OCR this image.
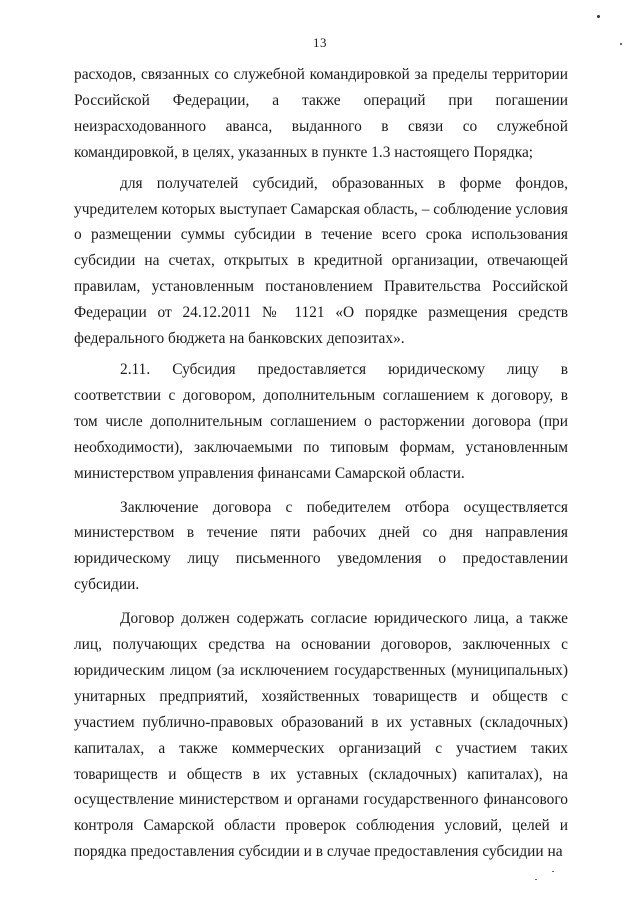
13

расходов, связанных со служебной командировкой за пределы территории Российской Федерации, а также операций при погашении неизрасходованного аванса, выданного в связи со служебной командировкой, в целях, указанных в пункте 1.3 настоящего Порядка;

для получателей субсидий, образованных в форме фондов, учредителем которых выступает Самарская область, – соблюдение условия о размещении суммы субсидии в течение всего срока использования субсидии на счетах, открытых в кредитной организации, отвечающей правилам, установленным постановлением Правительства Российской Федерации от 24.12.2011 № 1121 «О порядке размещения средств федерального бюджета на банковских депозитах».

2.11. Субсидия предоставляется юридическому лицу в соответствии с договором, дополнительным соглашением к договору, в том числе дополнительным соглашением о расторжении договора (при необходимости), заключаемыми по типовым формам, установленным министерством управления финансами Самарской области.

Заключение договора с победителем отбора осуществляется министерством в течение пяти рабочих дней со дня направления юридическому лицу письменного уведомления о предоставлении субсидии.

Договор должен содержать согласие юридического лица, а также лиц, получающих средства на основании договоров, заключенных с юридическим лицом (за исключением государственных (муниципальных) унитарных предприятий, хозяйственных товариществ и обществ с участием публично-правовых образований в их уставных (складочных) капиталах, а также коммерческих организаций с участием таких товариществ и обществ в их уставных (складочных) капиталах), на осуществление министерством и органами государственного финансового контроля Самарской области проверок соблюдения условий, целей и порядка предоставления субсидии и в случае предоставления субсидии на
